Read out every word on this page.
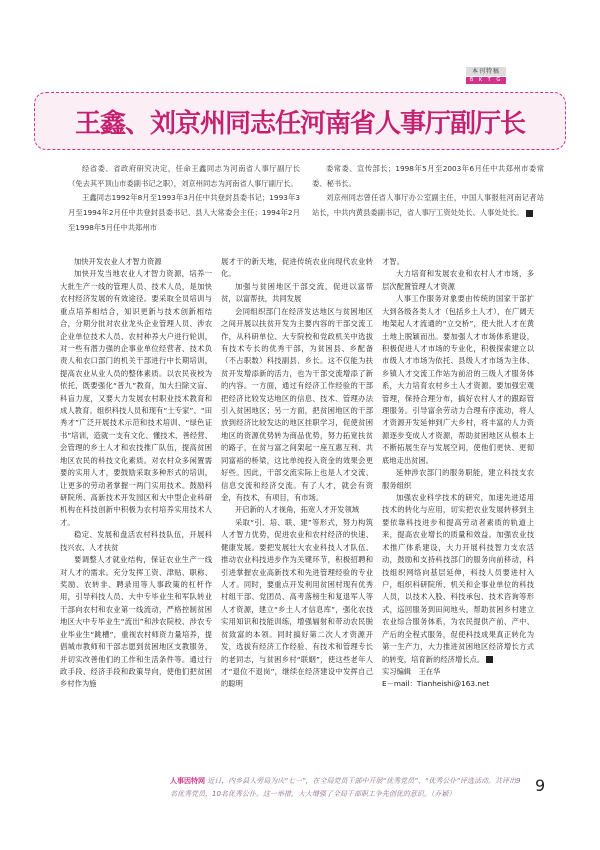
本刊特稿
B K T G
王鑫、刘京州同志任河南省人事厅副厅长

经省委、省政府研究决定，任命王鑫同志为河南省人事厅副厅长（免去其平顶山市委副书记之职），刘京州同志为河南省人事厅副厅长。

王鑫同志1992年8月至1993年3月任中共登封县委书记；1993年3月至1994年2月任中共登封县委书记、县人大常委会主任；1994年2月至1998年5月任中共郑州市

委常委、宣传部长；1998年5月至2003年6月任中共郑州市委常委、秘书长。

刘京州同志曾任省人事厅办公室副主任，中国人事报驻河南记者站站长，中共内黄县委副书记，省人事厅工资处处长、人事处处长。

加快开发农业人才智力资源

加快开发当地农业人才智力资源，培养一大批生产一线的管理人员、技术人员，是加快农村经济发展的有效途径。要采取全员培训与重点培养相结合，知识更新与技术创新相结合，分期分批对农业龙头企业管理人员、涉农企业单位技术人员、农村种养大户进行轮训，对一些有潜力强的企事业单位经营者、技术负责人和农口部门的机关干部进行中长期培训，提高农业从业人员的整体素质。以农民夜校为依托，既要强化“普九”教育，加大扫除文盲、科盲力度，又要大力发展农村职业技术教育和成人教育。组织科技人员和现有“土专家”、“田秀才”广泛开展技术示范和技术培训、“绿色证书”培训，造就一支有文化、懂技术、善经营、会管理的乡土人才和农技推广队伍，提高贫困地区农民的科技文化素质。对农村众多闲置需要的实用人才，要鼓励采取多种形式的培训，让更多的劳动者掌握一两门实用技术。鼓励科研院所、高新技术开发园区和大中型企业科研机构在科技创新中积极为农村培养实用技术人才。

稳定、发展和盘活农村科技队伍，开展科技兴农、人才扶贫

要调整人才就业结构，保证农业生产一线对人才的需求。充分发挥工资、津贴、职称、奖励、农转非、聘录用等人事政策的杠杆作用，引导科技人员、大中专毕业生和军队转业干部向农村和农业第一线流动，严格控制贫困地区大中专毕业生“流出”和涉农院校、涉农专业毕业生“跳槽”，重视农村师资力量培养，提倡城市教师和干部志愿到贫困地区支教服务，并切实改善他们的工作和生活条件等。通过行政手段、经济手段和政策导向，使他们把贫困乡村作为施

展才干的新天地，促进传统农业向现代农业转化。

加强与贫困地区干部交流，促进以富帮贫，以富帮扶，共同发展

会同组织部门在经济发达地区与贫困地区之间开展以扶贫开发为主要内容的干部交流工作，从科研单位、大专院校和党政机关中选拔有技术专长的优秀干部，为贫困县、乡配备（不占职数）科技副县、乡长。这不仅能为扶贫开发增添新的活力，也为干部交流增添了新的内容。一方面，通过有经济工作经验的干部把经济比较发达地区的信息、技术、管理办法引入贫困地区；另一方面，把贫困地区的干部放到经济比较发达的地区挂职学习，促使贫困地区的资源优势转为商品优势，努力拓宽扶贫的路子，在贫与富之间架起一座互惠互利、共同富裕的桥梁，这比单纯投入资金的效果会更好些。因此，干部交流实际上也是人才交流、信息交流和经济交流。有了人才，就会有资金，有技术，有项目，有市场。

开启新的人才视角，拓宽人才开发领域

采取“引、培、联、建”等形式，努力构筑人才智力优势，促进农业和农村经济的快速、健康发展。要把发展壮大农业科技人才队伍、推动农业科技进步作为关键环节，积极招聘和引进掌握农业高新技术和先进管理经验的专业人才。同时，要重点开发利用贫困村现有优秀村组干部、党团员、高考落榜生和复退军人等人才资源，建立“乡土人才信息库”，强化农技实用知识和技能训练，增强辐射和带动农民脱贫致富的本领。同时搞好第二次人才资源开发，选拔有经济工作经验、有技术和管理专长的老同志，与贫困乡村“联姻”，使这些老年人才“退位不退岗”，继续在经济建设中发挥自己的聪明

才智。

大力培育和发展农业和农村人才市场，多层次配置管理人才资源

人事工作服务对象要由传统的国家干部扩大到各级各类人才（包括乡土人才），在广阔天地架起人才流通的“立交桥”，使大批人才在黄土地上脱颖而出。要加强人才市场体系建设，积极促进人才市场的专业化，积极探索建立以市级人才市场为依托、县级人才市场为主体、乡镇人才交流工作站为前沿的三级人才服务体系，大力培育农村乡土人才资源。要加强宏观管理，保持合理分布，搞好农村人才的跟踪管理服务。引导富余劳动力合理有序流动，将人才资源开发延伸到广大乡村，将丰富的人力资源逐步变成人才资源，帮助贫困地区从根本上不断拓展生存与发展空间，使他们更快、更彻底地走出贫困。

延伸涉农部门的服务职能，建立科技支农服务组织

加强农业科学技术的研究，加速先进适用技术的转化与应用，切实把农业发展转移到主要依靠科技进步和提高劳动者素质的轨道上来，提高农业增长的质量和效益。加强农业技术推广体系建设，大力开展科技智力支农活动，鼓励和支持科技部门的服务向前移动，科技组织网络向基层延伸，科技人员要进村入户，组织科研院所、机关和企事业单位的科技人员，以技术入股、科技承包、技术咨询等形式，巡回服务到田间地头，帮助贫困乡村建立农业综合服务体系，为农民提供产前、产中、产后的全程式服务，促使科技成果真正转化为第一生产力，大力推进贫困地区经济增长方式的转变，培育新的经济增长点。

实习编辑　王在华

E－mail：Tianheishi@163.net

人事因特网 近日，内乡县人劳局为庆“七一”，在全局党员干部中开展“优秀党员”、“优秀公仆”评选活动。共评出9名优秀党员，10名优秀公仆。这一举措，大大增强了全局干部职工争先创优的意识。（乔颖）	9
